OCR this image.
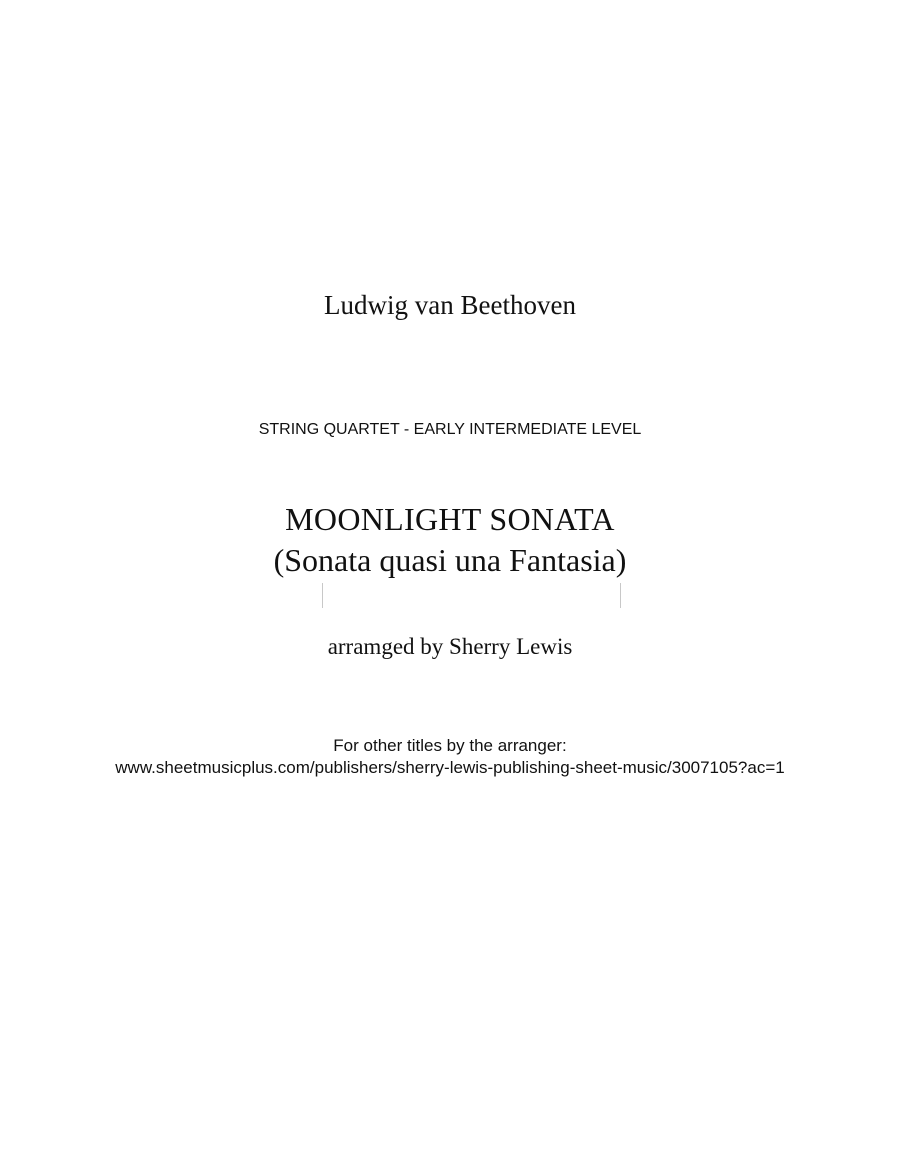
Ludwig van Beethoven
STRING QUARTET - EARLY INTERMEDIATE LEVEL
MOONLIGHT SONATA
(Sonata quasi una Fantasia)
arramged by Sherry Lewis
For other titles by the arranger:
www.sheetmusicplus.com/publishers/sherry-lewis-publishing-sheet-music/3007105?ac=1
